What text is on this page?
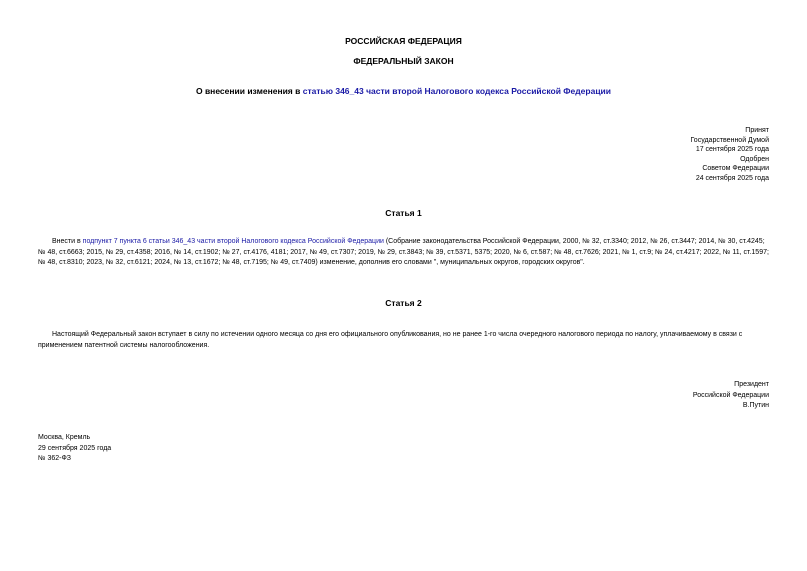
РОССИЙСКАЯ ФЕДЕРАЦИЯ
ФЕДЕРАЛЬНЫЙ ЗАКОН
О внесении изменения в статью 346_43 части второй Налогового кодекса Российской Федерации
Принят
Государственной Думой
17 сентября 2025 года
Одобрен
Советом Федерации
24 сентября 2025 года
Статья 1
Внести в подпункт 7 пункта 6 статьи 346_43 части второй Налогового кодекса Российской Федерации (Собрание законодательства Российской Федерации, 2000, № 32, ст.3340; 2012, № 26, ст.3447; 2014, № 30, ст.4245; № 48, ст.6663; 2015, № 29, ст.4358; 2016, № 14, ст.1902; № 27, ст.4176, 4181; 2017, № 49, ст.7307; 2019, № 29, ст.3843; № 39, ст.5371, 5375; 2020, № 6, ст.587; № 48, ст.7626; 2021, № 1, ст.9; № 24, ст.4217; 2022, № 11, ст.1597; № 48, ст.8310; 2023, № 32, ст.6121; 2024, № 13, ст.1672; № 48, ст.7195; № 49, ст.7409) изменение, дополнив его словами ", муниципальных округов, городских округов".
Статья 2
Настоящий Федеральный закон вступает в силу по истечении одного месяца со дня его официального опубликования, но не ранее 1-го числа очередного налогового периода по налогу, уплачиваемому в связи с применением патентной системы налогообложения.
Президент
Российской Федерации
В.Путин
Москва, Кремль
29 сентября 2025 года
№ 362-ФЗ
